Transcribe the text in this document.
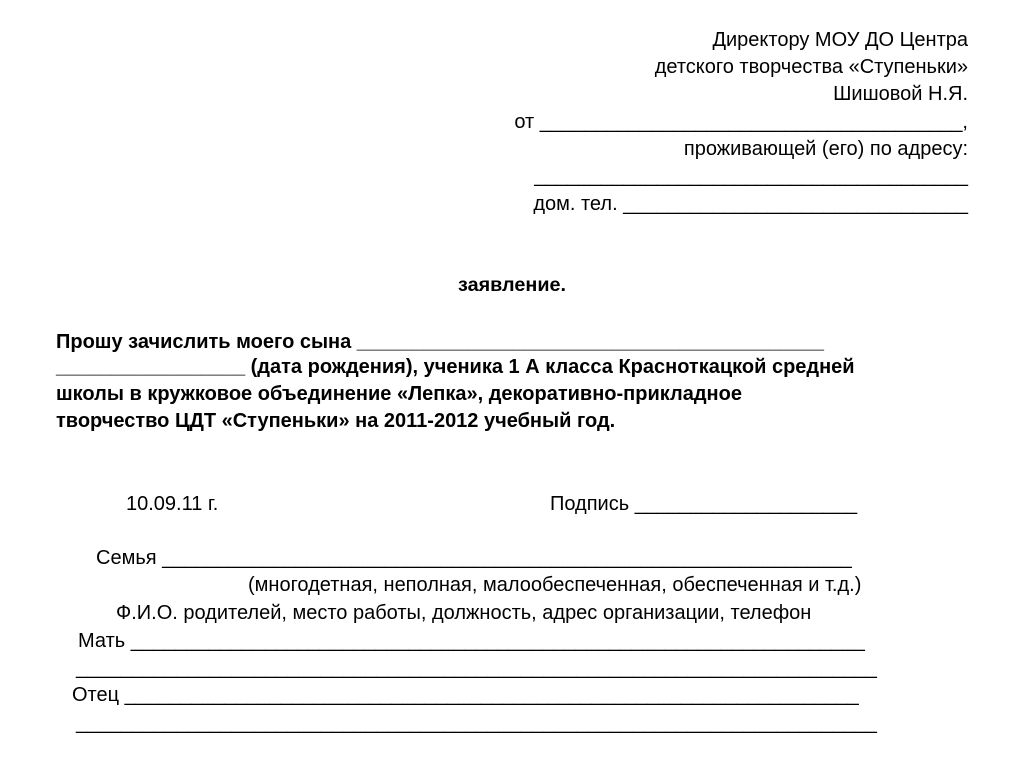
Директору МОУ ДО Центра
детского творчества «Ступеньки»
Шишовой Н.Я.
от ______________________________________,
проживающей (его) по адресу:
_______________________________________
дом. тел. _______________________________
заявление.
Прошу зачислить моего сына __________________________________________
_________________ (дата рождения), ученика 1 А класса Красноткацкой средней
школы в кружковое объединение «Лепка», декоративно-прикладное
творчество ЦДТ «Ступеньки» на 2011-2012 учебный год.
10.09.11 г.	Подпись ____________________
Семья ______________________________________________________________
(многодетная, неполная, малообеспеченная, обеспеченная и т.д.)
Ф.И.О. родителей, место работы, должность, адрес организации, телефон
Мать __________________________________________________________________
________________________________________________________________________
Отец __________________________________________________________________
________________________________________________________________________
